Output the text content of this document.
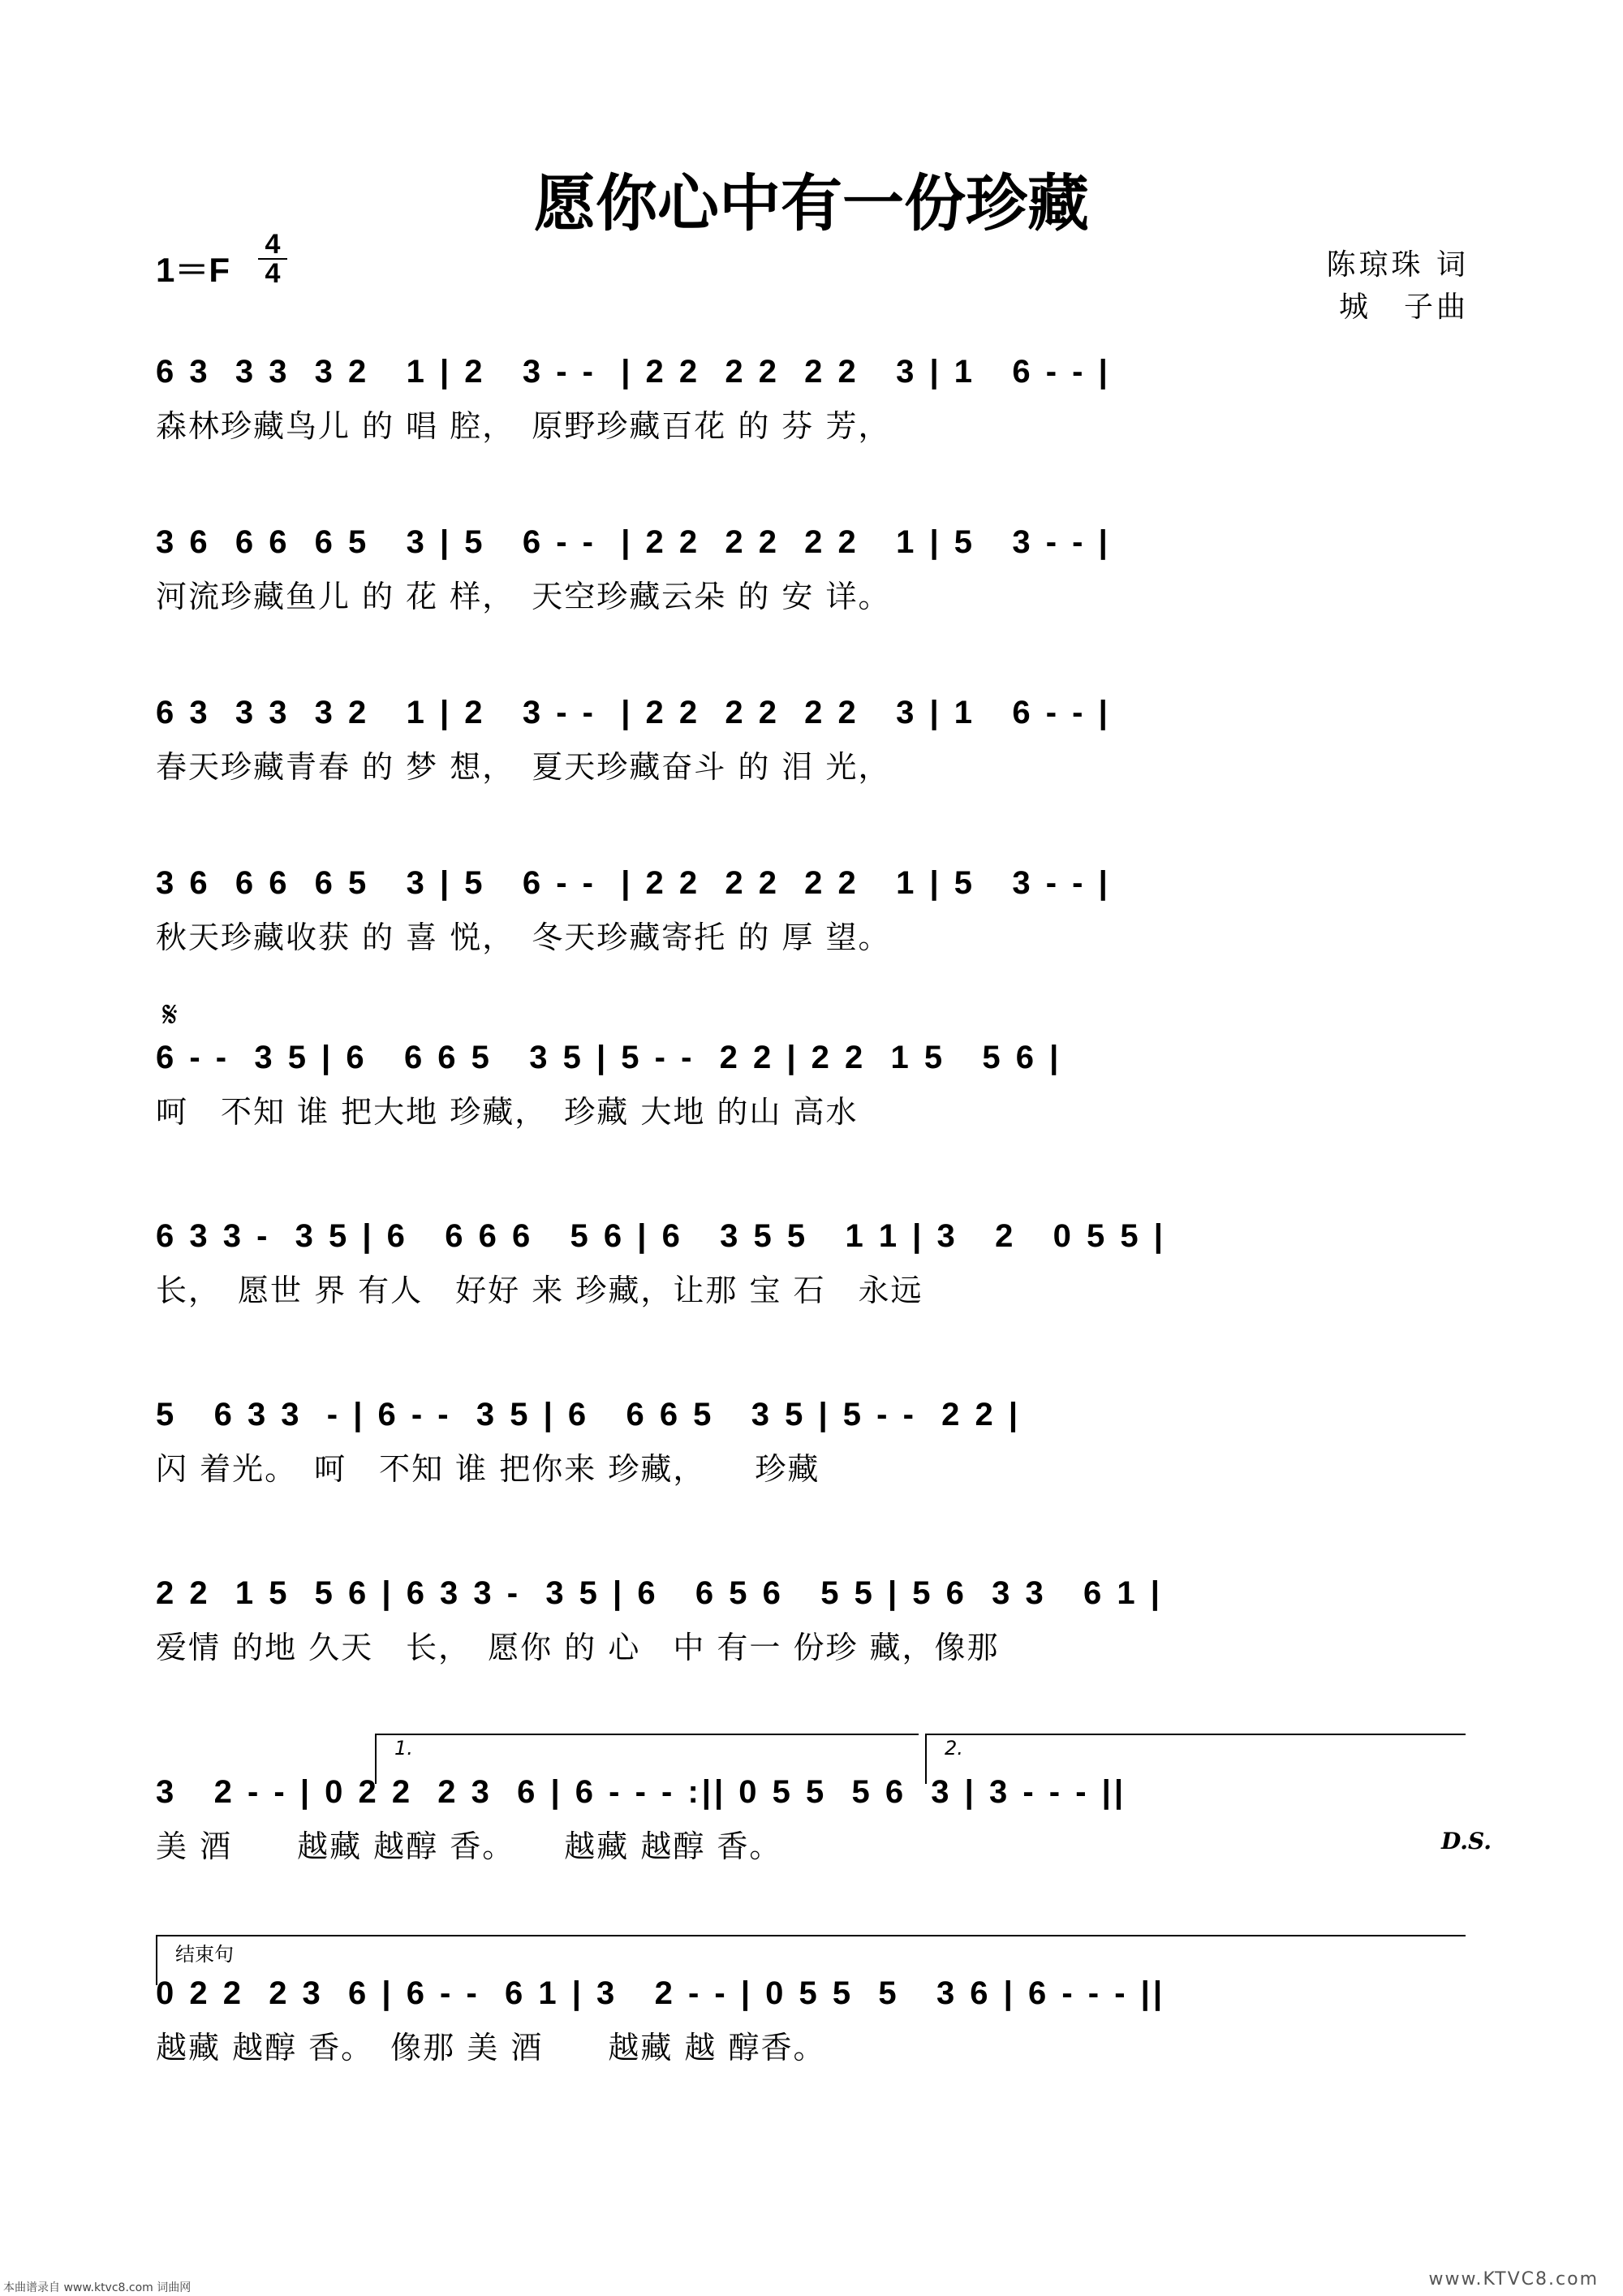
愿你心中有一份珍藏
1＝F
4
4	陈琼珠 词
城　子曲
6 3  3 3  3 2   1 | 2   3 - -  | 2 2  2 2  2 2   3 | 1   6 - - |
森林珍藏鸟儿 的 唱 腔，　原野珍藏百花 的 芬 芳，
3 6  6 6  6 5   3 | 5   6 - -  | 2 2  2 2  2 2   1 | 5   3 - - |
河流珍藏鱼儿 的 花 样，　天空珍藏云朵 的 安 详。
6 3  3 3  3 2   1 | 2   3 - -  | 2 2  2 2  2 2   3 | 1   6 - - |
春天珍藏青春 的 梦 想，　夏天珍藏奋斗 的 泪 光，
3 6  6 6  6 5   3 | 5   6 - -  | 2 2  2 2  2 2   1 | 5   3 - - |
秋天珍藏收获 的 喜 悦，　冬天珍藏寄托 的 厚 望。
𝄋
6 - -  3 5 | 6   6 6 5   3 5 | 5 - -  2 2 | 2 2  1 5   5 6 |
呵　不知 谁 把大地 珍藏，　珍藏 大地 的山 高水
6 3 3 -  3 5 | 6   6 6 6   5 6 | 6   3 5 5   1 1 | 3   2   0 5 5 |
长，　愿世 界 有人　好好 来 珍藏，让那 宝 石　永远
5   6 3 3  - | 6 - -  3 5 | 6   6 6 5   3 5 | 5 - -  2 2 |
闪 着光。　呵　不知 谁 把你来 珍藏，　　珍藏
2 2  1 5  5 6 | 6 3 3 -  3 5 | 6   6 5 6   5 5 | 5 6  3 3   6 1 |
爱情 的地 久天　长，　愿你 的 心　中 有一 份珍 藏，像那
1.	2.
3   2 - - | 0 2 2  2 3  6 | 6 - - - :|| 0 5 5  5 6  3 | 3 - - - ||
美 酒　　越藏 越醇 香。　　越藏 越醇 香。	D.S.
结束句
0 2 2  2 3  6 | 6 - -  6 1 | 3   2 - - | 0 5 5  5   3 6 | 6 - - - ||
越藏 越醇 香。　像那 美 酒　　越藏 越 醇香。
本曲谱录自 www.ktvc8.com 词曲网	www.KTVC8.com
